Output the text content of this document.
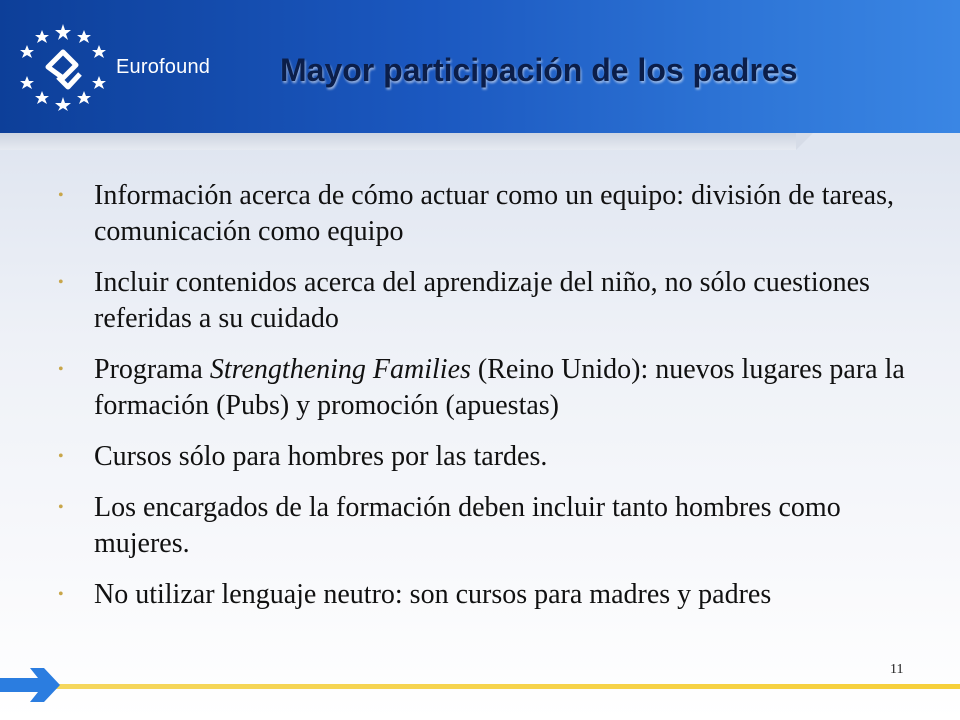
Eurofound Mayor participación de los padres
• Información acerca de cómo actuar como un equipo: división de tareas, comunicación como equipo
• Incluir contenidos acerca del aprendizaje del niño, no sólo cuestiones referidas a su cuidado
• Programa Strengthening Families (Reino Unido): nuevos lugares para la formación (Pubs) y promoción (apuestas)
• Cursos sólo para hombres por las tardes.
• Los encargados de la formación deben incluir tanto hombres como mujeres.
• No utilizar lenguaje neutro: son cursos para madres y padres
11
